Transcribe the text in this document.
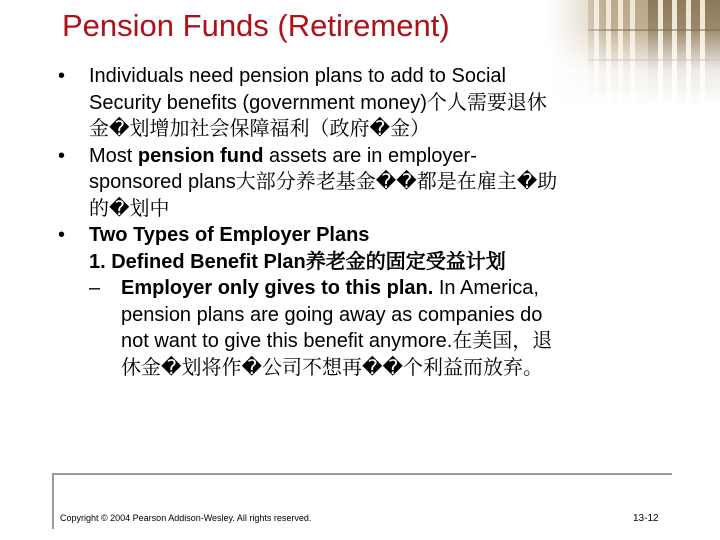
Pension Funds (Retirement)
• Individuals need pension plans to add to Social
Security benefits (government money)个人需要退休
金�划增加社会保障福利（政府�金）
• Most pension fund assets are in employer-
sponsored plans大部分养老基金��都是在雇主�助
的�划中
• Two Types of Employer Plans
1. Defined Benefit Plan养老金的固定受益计划
– Employer only gives to this plan. In America,
pension plans are going away as companies do
not want to give this benefit anymore.在美国，退
休金�划将作�公司不想再��个利益而放弃。
Copyright © 2004 Pearson Addison-Wesley. All rights reserved.	13-12
